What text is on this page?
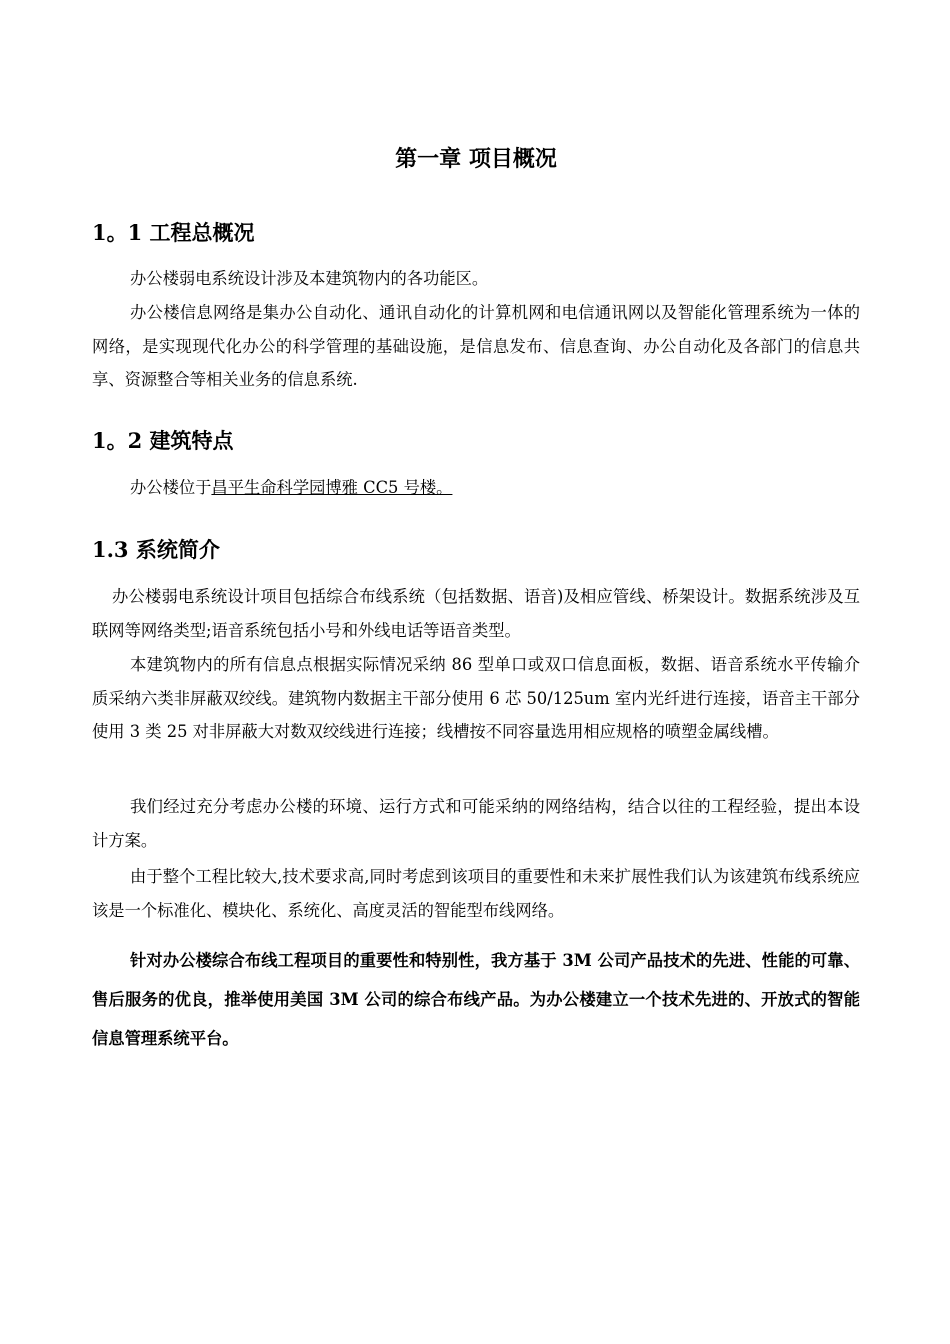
第一章 项目概况
1。1 工程总概况

办公楼弱电系统设计涉及本建筑物内的各功能区。

办公楼信息网络是集办公自动化、通讯自动化的计算机网和电信通讯网以及智能化管理系统为一体的网络，是实现现代化办公的科学管理的基础设施，是信息发布、信息查询、办公自动化及各部门的信息共享、资源整合等相关业务的信息系统.

1。2 建筑特点

办公楼位于昌平生命科学园博雅 CC5 号楼。

1.3 系统简介

办公楼弱电系统设计项目包括综合布线系统（包括数据、语音)及相应管线、桥架设计。数据系统涉及互联网等网络类型;语音系统包括小号和外线电话等语音类型。

本建筑物内的所有信息点根据实际情况采纳 86 型单口或双口信息面板，数据、语音系统水平传输介质采纳六类非屏蔽双绞线。建筑物内数据主干部分使用 6 芯 50/125um 室内光纤进行连接，语音主干部分使用 3 类 25 对非屏蔽大对数双绞线进行连接；线槽按不同容量选用相应规格的喷塑金属线槽。

我们经过充分考虑办公楼的环境、运行方式和可能采纳的网络结构，结合以往的工程经验，提出本设计方案。

由于整个工程比较大,技术要求高,同时考虑到该项目的重要性和未来扩展性我们认为该建筑布线系统应该是一个标准化、模块化、系统化、高度灵活的智能型布线网络。

针对办公楼综合布线工程项目的重要性和特别性，我方基于 3M 公司产品技术的先进、性能的可靠、售后服务的优良，推举使用美国 3M 公司的综合布线产品。为办公楼建立一个技术先进的、开放式的智能信息管理系统平台。
